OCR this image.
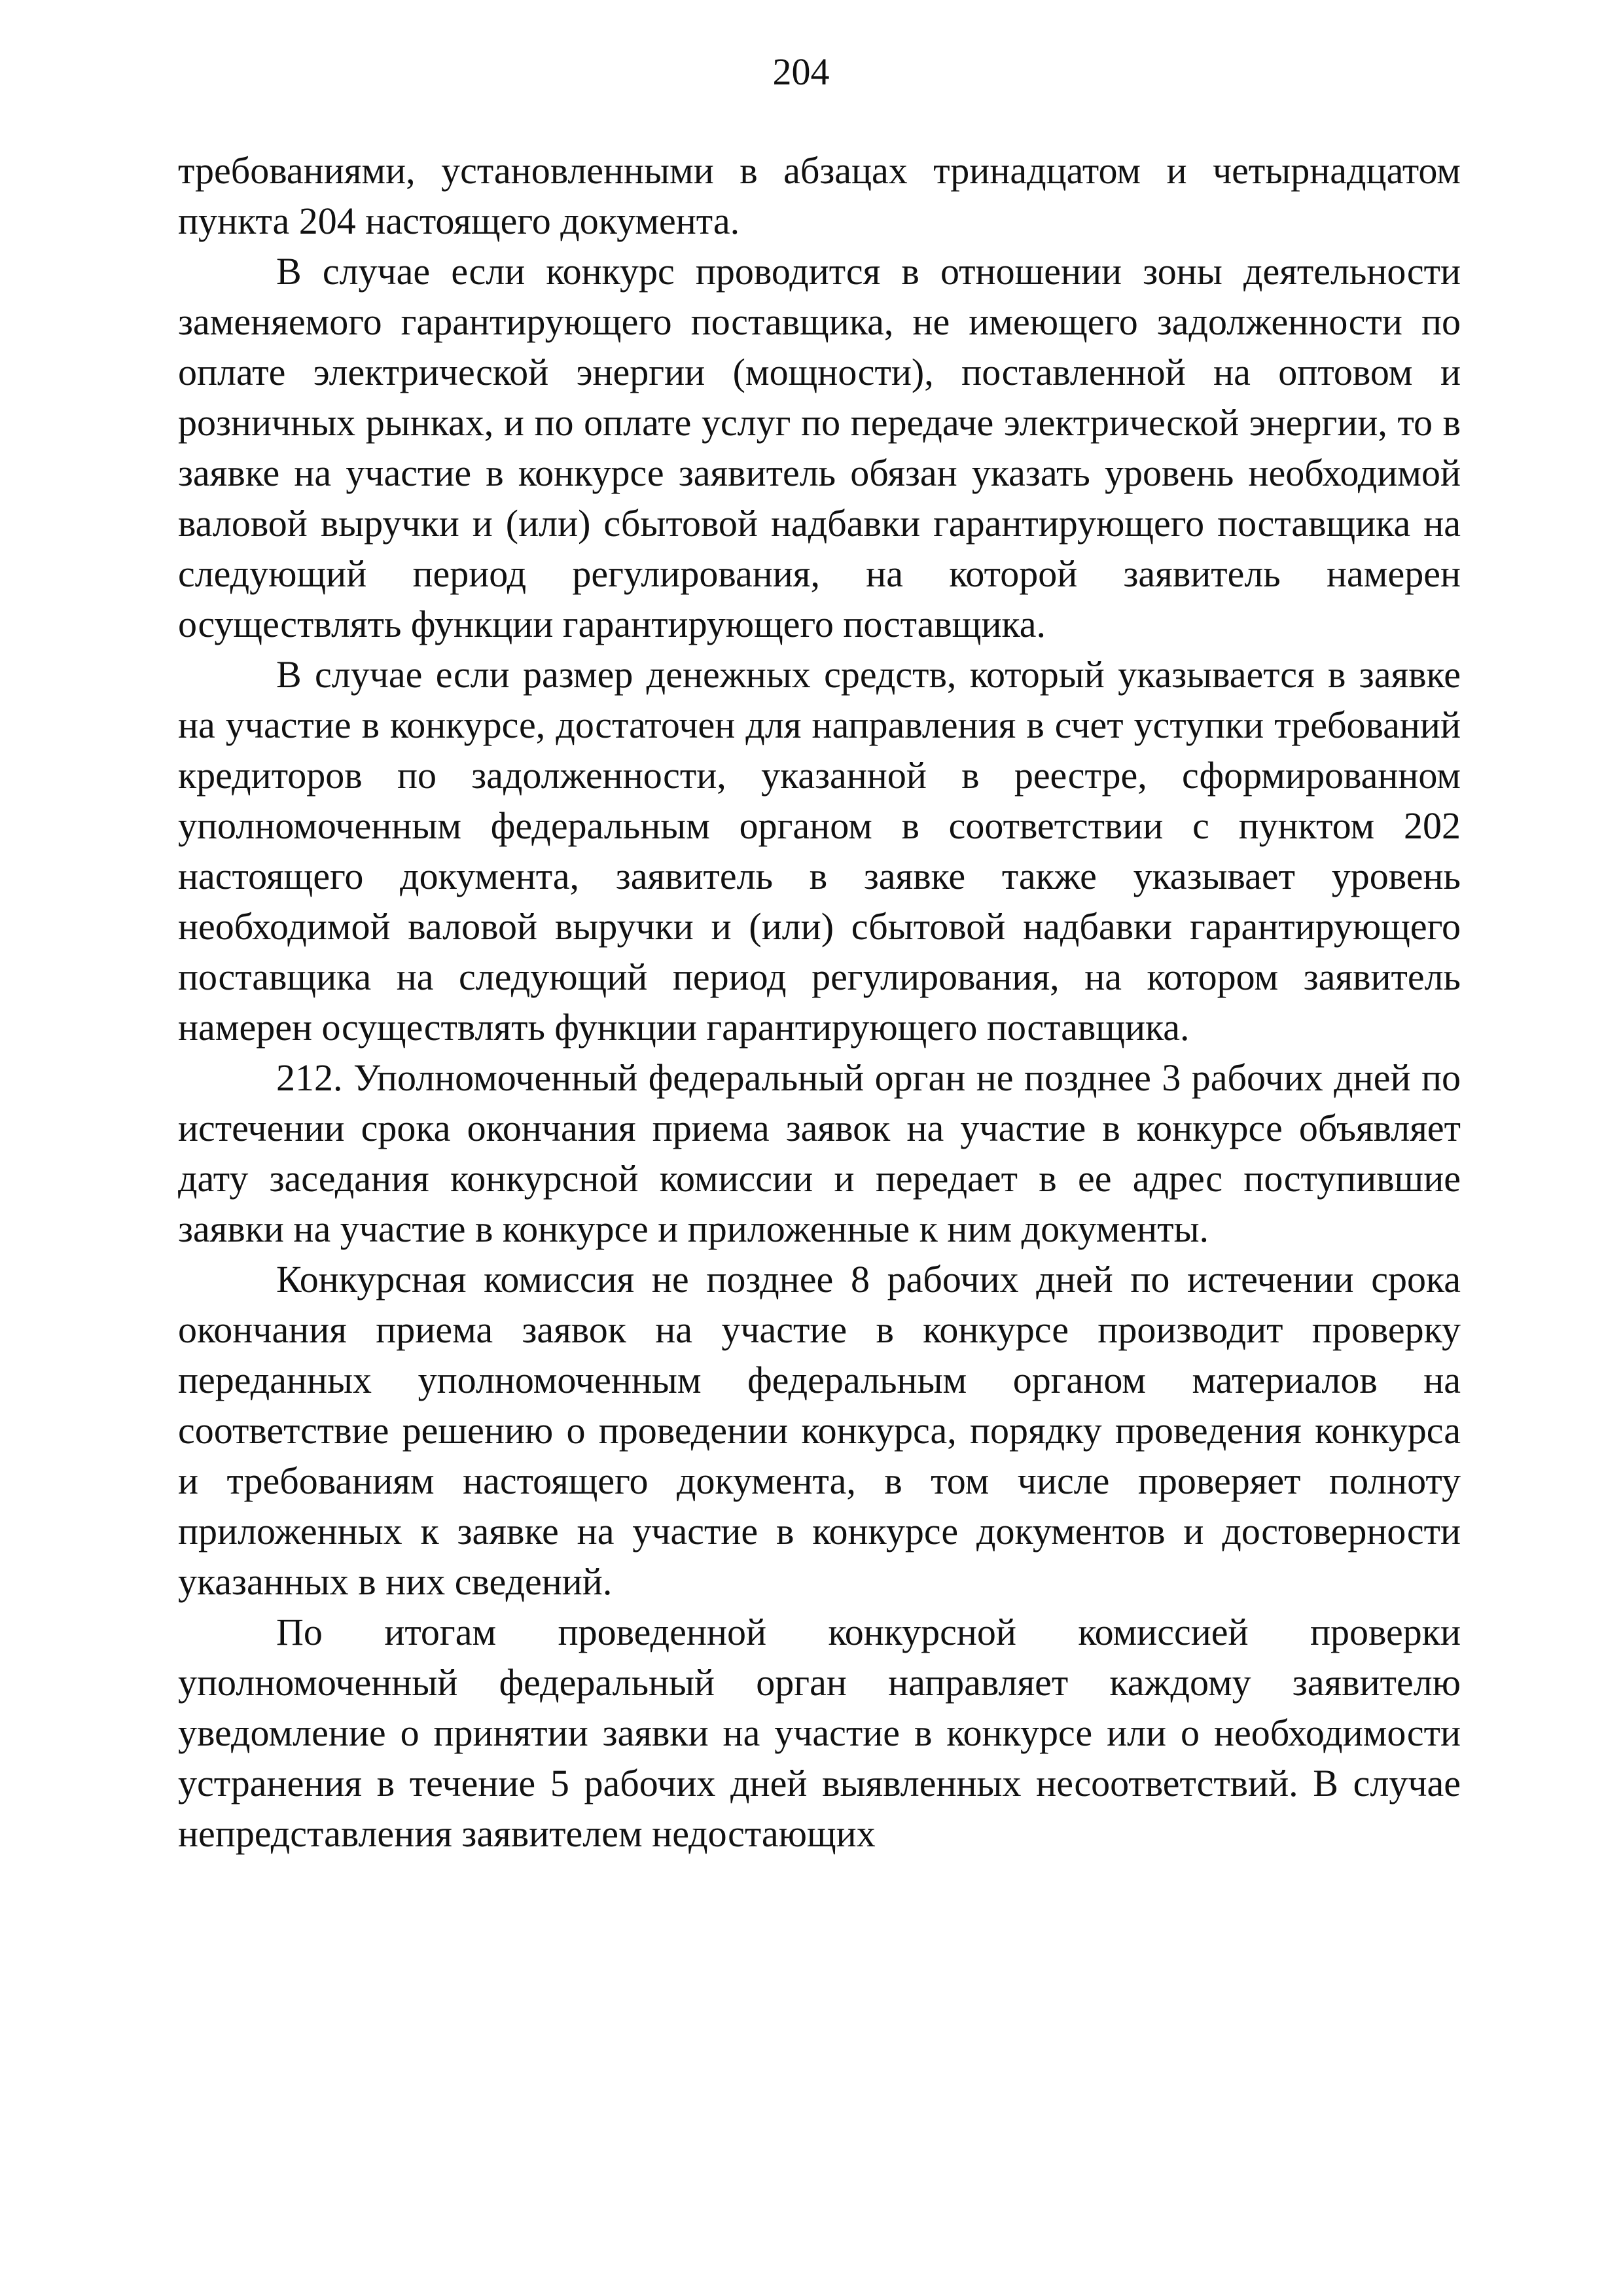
204

требованиями, установленными в абзацах тринадцатом и четырнадцатом пункта 204 настоящего документа.

В случае если конкурс проводится в отношении зоны деятельности заменяемого гарантирующего поставщика, не имеющего задолженности по оплате электрической энергии (мощности), поставленной на оптовом и розничных рынках, и по оплате услуг по передаче электрической энергии, то в заявке на участие в конкурсе заявитель обязан указать уровень необходимой валовой выручки и (или) сбытовой надбавки гарантирующего поставщика на следующий период регулирования, на которой заявитель намерен осуществлять функции гарантирующего поставщика.

В случае если размер денежных средств, который указывается в заявке на участие в конкурсе, достаточен для направления в счет уступки требований кредиторов по задолженности, указанной в реестре, сформированном уполномоченным федеральным органом в соответствии с пунктом 202 настоящего документа, заявитель в заявке также указывает уровень необходимой валовой выручки и (или) сбытовой надбавки гарантирующего поставщика на следующий период регулирования, на котором заявитель намерен осуществлять функции гарантирующего поставщика.

212. Уполномоченный федеральный орган не позднее 3 рабочих дней по истечении срока окончания приема заявок на участие в конкурсе объявляет дату заседания конкурсной комиссии и передает в ее адрес поступившие заявки на участие в конкурсе и приложенные к ним документы.

Конкурсная комиссия не позднее 8 рабочих дней по истечении срока окончания приема заявок на участие в конкурсе производит проверку переданных уполномоченным федеральным органом материалов на соответствие решению о проведении конкурса, порядку проведения конкурса и требованиям настоящего документа, в том числе проверяет полноту приложенных к заявке на участие в конкурсе документов и достоверности указанных в них сведений.

По итогам проведенной конкурсной комиссией проверки уполномоченный федеральный орган направляет каждому заявителю уведомление о принятии заявки на участие в конкурсе или о необходимости устранения в течение 5 рабочих дней выявленных несоответствий. В случае непредставления заявителем недостающих
